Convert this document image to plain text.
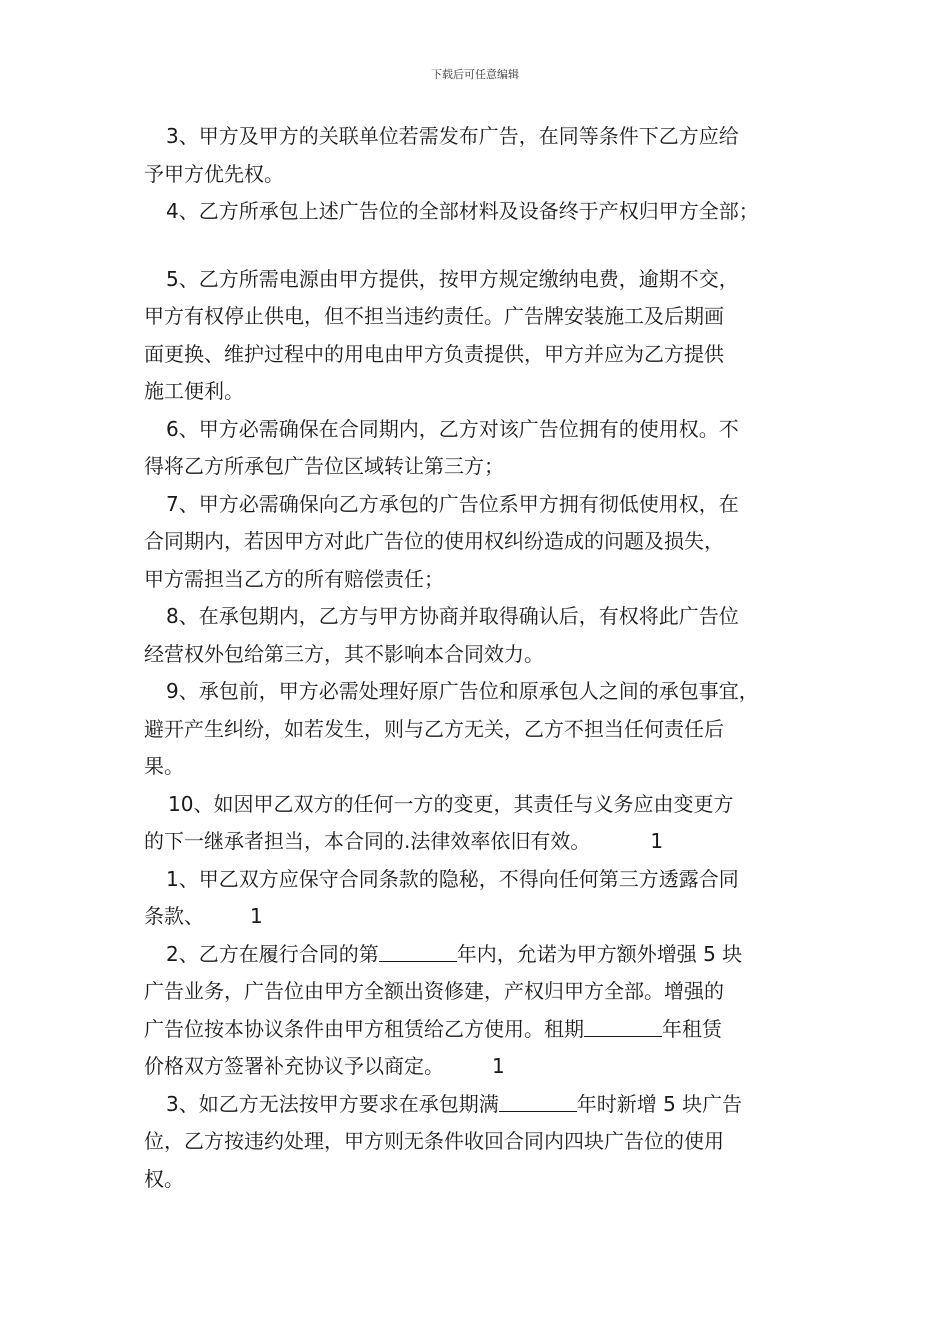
下载后可任意编辑
3、甲方及甲方的关联单位若需发布广告，在同等条件下乙方应给
予甲方优先权。
4、乙方所承包上述广告位的全部材料及设备终于产权归甲方全部；
5、乙方所需电源由甲方提供，按甲方规定缴纳电费，逾期不交，
甲方有权停止供电，但不担当违约责任。广告牌安装施工及后期画
面更换、维护过程中的用电由甲方负责提供，甲方并应为乙方提供
施工便利。
6、甲方必需确保在合同期内，乙方对该广告位拥有的使用权。不
得将乙方所承包广告位区域转让第三方；
7、甲方必需确保向乙方承包的广告位系甲方拥有彻低使用权，在
合同期内，若因甲方对此广告位的使用权纠纷造成的问题及损失，
甲方需担当乙方的所有赔偿责任；
8、在承包期内，乙方与甲方协商并取得确认后，有权将此广告位
经营权外包给第三方，其不影响本合同效力。
9、承包前，甲方必需处理好原广告位和原承包人之间的承包事宜，
避开产生纠纷，如若发生，则与乙方无关，乙方不担当任何责任后
果。
10、如因甲乙双方的任何一方的变更，其责任与义务应由变更方
的下一继承者担当，本合同的.法律效率依旧有效。	1
1、甲乙双方应保守合同条款的隐秘，不得向任何第三方透露合同
条款、 1
2、乙方在履行合同的第	年内，允诺为甲方额外增强 5 块
广告业务，广告位由甲方全额出资修建，产权归甲方全部。增强的
广告位按本协议条件由甲方租赁给乙方使用。租期	年租赁
价格双方签署补充协议予以商定。 1
3、如乙方无法按甲方要求在承包期满	年时新增 5 块广告
位，乙方按违约处理，甲方则无条件收回合同内四块广告位的使用
权。
